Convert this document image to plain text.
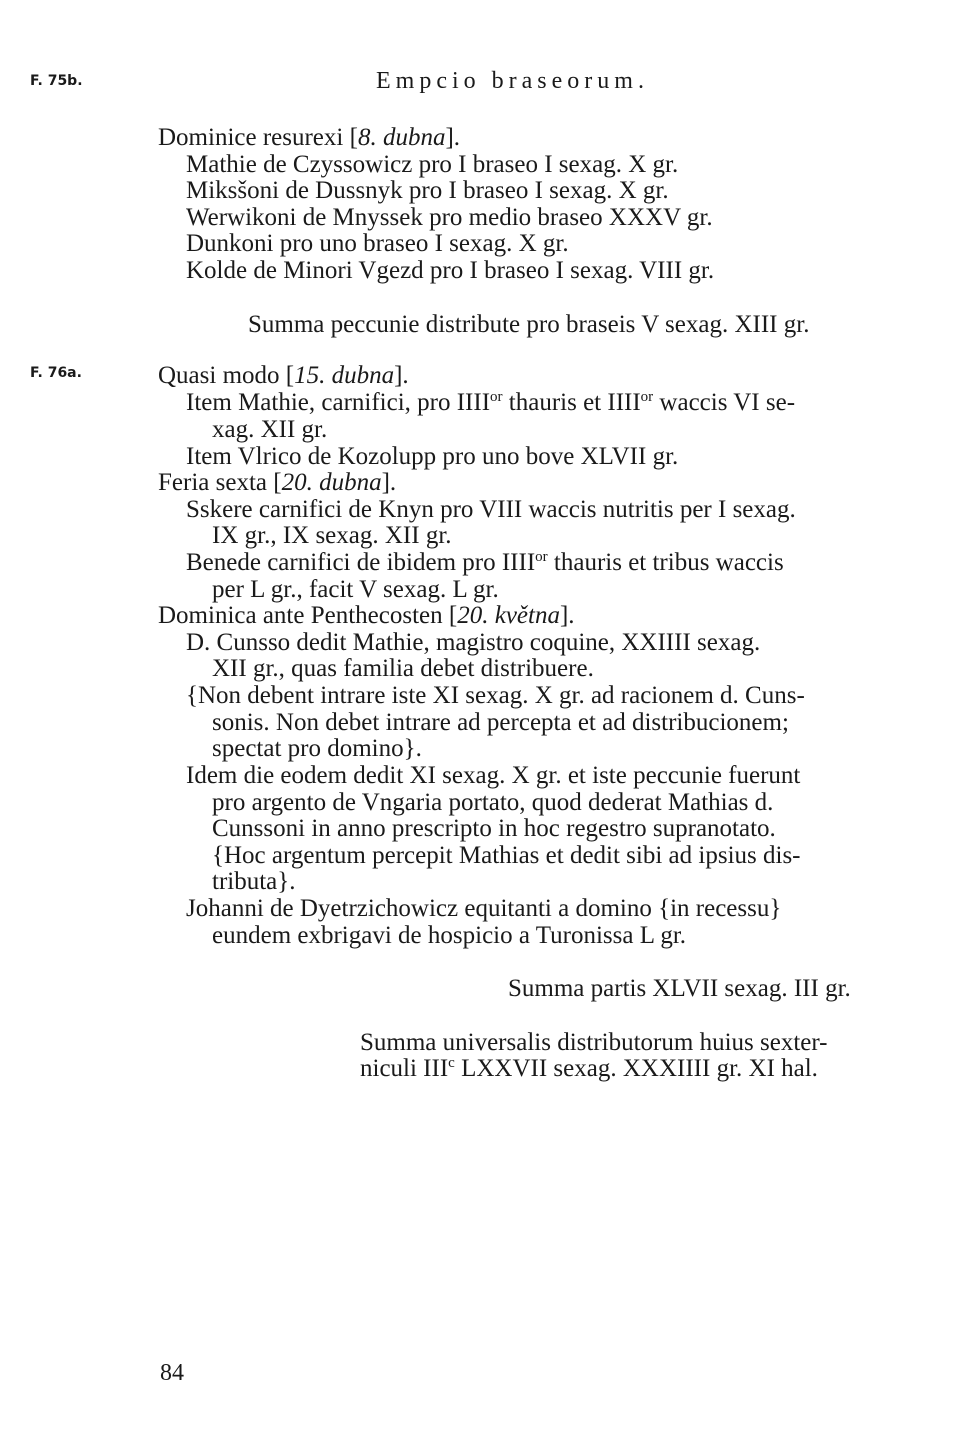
F. 75b.
F. 76a.
Empcio braseorum.
Dominice resurexi [8. dubna].
Mathie de Czyssowicz pro I braseo I sexag. X gr.
Miksšoni de Dussnyk pro I braseo I sexag. X gr.
Werwikoni de Mnyssek pro medio braseo XXXV gr.
Dunkoni pro uno braseo I sexag. X gr.
Kolde de Minori Vgezd pro I braseo I sexag. VIII gr.
Summa peccunie distribute pro braseis V sexag. XIII gr.
Quasi modo [15. dubna].
Item Mathie, carnifici, pro $IIII^{or}$ thauris et $IIII^{or}$ waccis VI se-
xag. XII gr.
Item Vlrico de Kozolupp pro uno bove XLVII gr.
Feria sexta [20. dubna].
Sskere carnifici de Knyn pro VIII waccis nutritis per I sexag.
IX gr., IX sexag. XII gr.
Benede carnifici de ibidem pro $IIII^{or}$ thauris et tribus waccis
per L gr., facit V sexag. L gr.
Dominica ante Penthecosten [20. května].
D. Cunsso dedit Mathie, magistro coquine, XXIIII sexag.
XII gr., quas familia debet distribuere.
{Non debent intrare iste XI sexag. X gr. ad racionem d. Cuns-
sonis. Non debet intrare ad percepta et ad distribucionem;
spectat pro domino}.
Idem die eodem dedit XI sexag. X gr. et iste peccunie fuerunt
pro argento de Vngaria portato, quod dederat Mathias d.
Cunssoni in anno prescripto in hoc regestro supranotato.
{Hoc argentum percepit Mathias et dedit sibi ad ipsius dis-
tributa}.
Johanni de Dyetrzichowicz equitanti a domino {in recessu}
eundem exbrigavi de hospicio a Turonissa L gr.
Summa partis XLVII sexag. III gr.
Summa universalis distributorum huius sexter-
niculi III$^c$ LXXVII sexag. XXXIIII gr. XI hal.
84
